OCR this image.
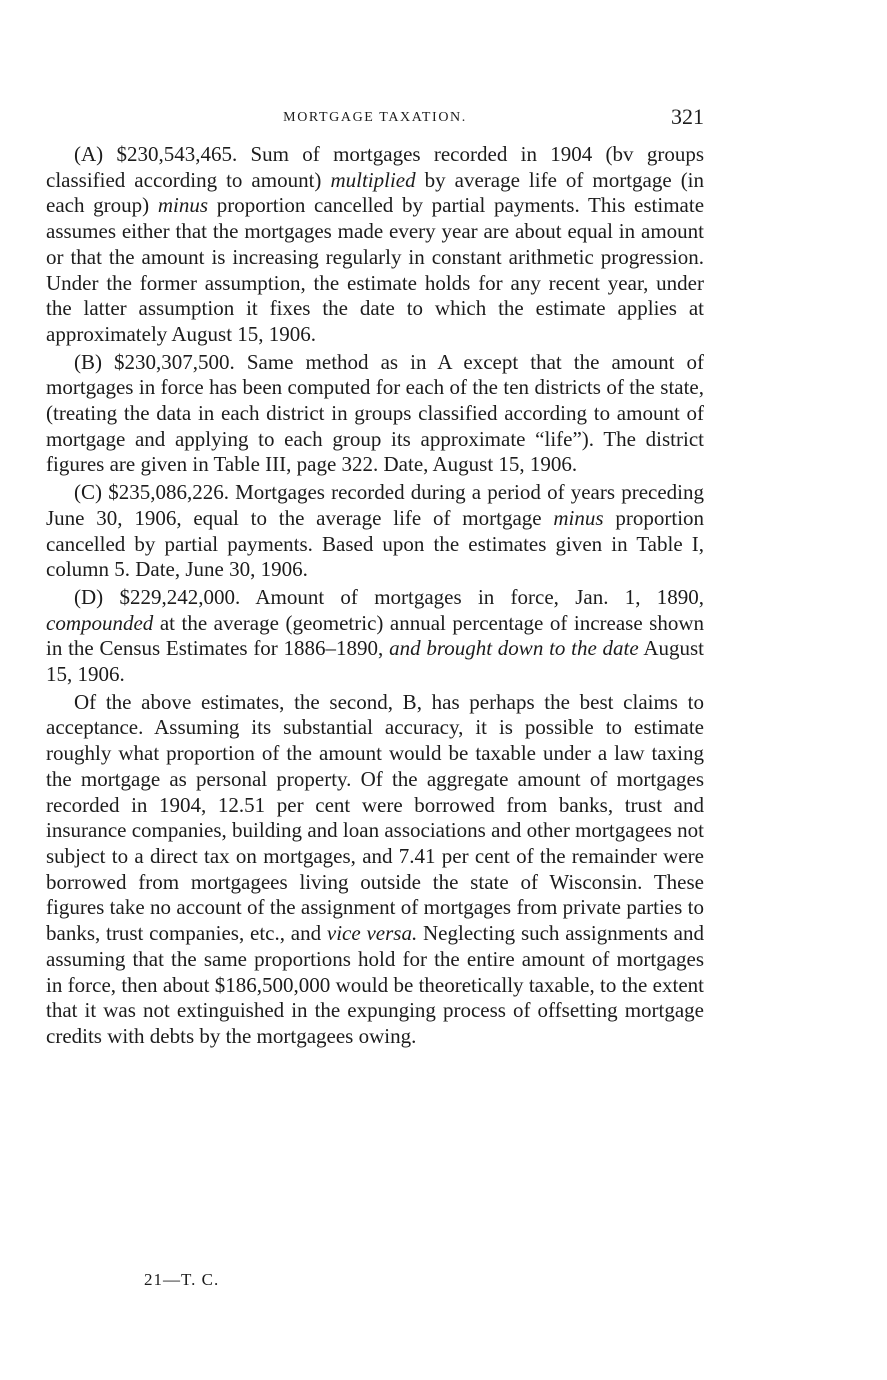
MORTGAGE TAXATION.	321

(A) $230,543,465. Sum of mortgages recorded in 1904 (bv groups classified according to amount) multiplied by average life of mortgage (in each group) minus proportion cancelled by partial payments. This estimate assumes either that the mortgages made every year are about equal in amount or that the amount is increasing regularly in constant arithmetic progression. Under the former assumption, the estimate holds for any recent year, under the latter assumption it fixes the date to which the estimate applies at approximately August 15, 1906.

(B) $230,307,500. Same method as in A except that the amount of mortgages in force has been computed for each of the ten districts of the state, (treating the data in each district in groups classified according to amount of mortgage and applying to each group its approximate “life”). The district figures are given in Table III, page 322. Date, August 15, 1906.

(C) $235,086,226. Mortgages recorded during a period of years preceding June 30, 1906, equal to the average life of mortgage minus proportion cancelled by partial payments. Based upon the estimates given in Table I, column 5. Date, June 30, 1906.

(D) $229,242,000. Amount of mortgages in force, Jan. 1, 1890, compounded at the average (geometric) annual percentage of increase shown in the Census Estimates for 1886–1890, and brought down to the date August 15, 1906.

Of the above estimates, the second, B, has perhaps the best claims to acceptance. Assuming its substantial accuracy, it is possible to estimate roughly what proportion of the amount would be taxable under a law taxing the mortgage as personal property. Of the aggregate amount of mortgages recorded in 1904, 12.51 per cent were borrowed from banks, trust and insurance companies, building and loan associations and other mortgagees not subject to a direct tax on mortgages, and 7.41 per cent of the remainder were borrowed from mortgagees living outside the state of Wisconsin. These figures take no account of the assignment of mortgages from private parties to banks, trust companies, etc., and vice versa. Neglecting such assignments and assuming that the same proportions hold for the entire amount of mortgages in force, then about $186,500,000 would be theoretically taxable, to the extent that it was not extinguished in the expunging process of offsetting mortgage credits with debts by the mortgagees owing.

21—T. C.
